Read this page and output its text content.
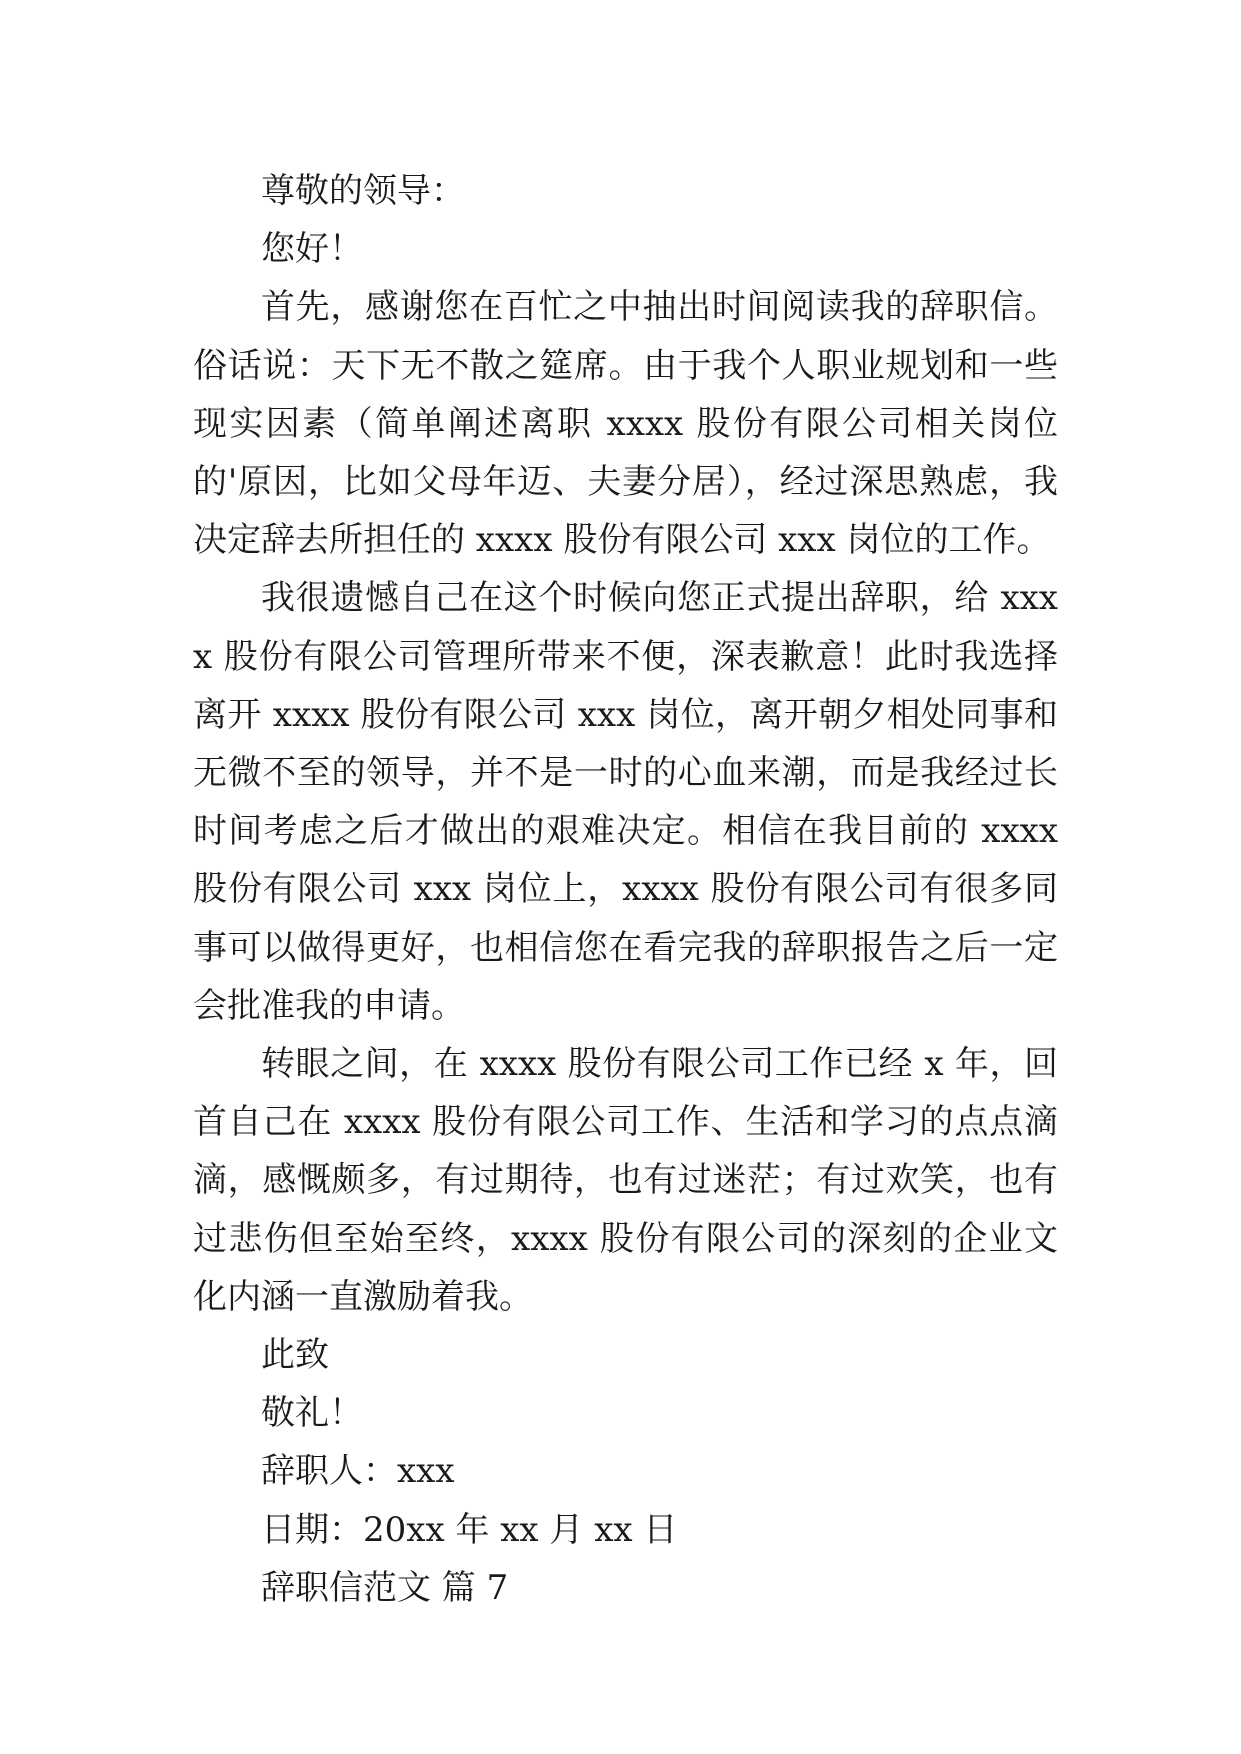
尊敬的领导：

您好！

首先，感谢您在百忙之中抽出时间阅读我的辞职信。俗话说：天下无不散之筵席。由于我个人职业规划和一些现实因素（简单阐述离职 xxxx 股份有限公司相关岗位的'原因，比如父母年迈、夫妻分居），经过深思熟虑，我决定辞去所担任的 xxxx 股份有限公司 xxx 岗位的工作。

我很遗憾自己在这个时候向您正式提出辞职，给 xxxx 股份有限公司管理所带来不便，深表歉意！此时我选择离开 xxxx 股份有限公司 xxx 岗位，离开朝夕相处同事和无微不至的领导，并不是一时的心血来潮，而是我经过长时间考虑之后才做出的艰难决定。相信在我目前的 xxxx 股份有限公司 xxx 岗位上，xxxx 股份有限公司有很多同事可以做得更好，也相信您在看完我的辞职报告之后一定会批准我的申请。

转眼之间，在 xxxx 股份有限公司工作已经 x 年，回首自己在 xxxx 股份有限公司工作、生活和学习的点点滴滴，感慨颇多，有过期待，也有过迷茫；有过欢笑，也有过悲伤但至始至终，xxxx 股份有限公司的深刻的企业文化内涵一直激励着我。

此致

敬礼！

辞职人：xxx

日期：20xx 年 xx 月 xx 日

辞职信范文 篇 7
